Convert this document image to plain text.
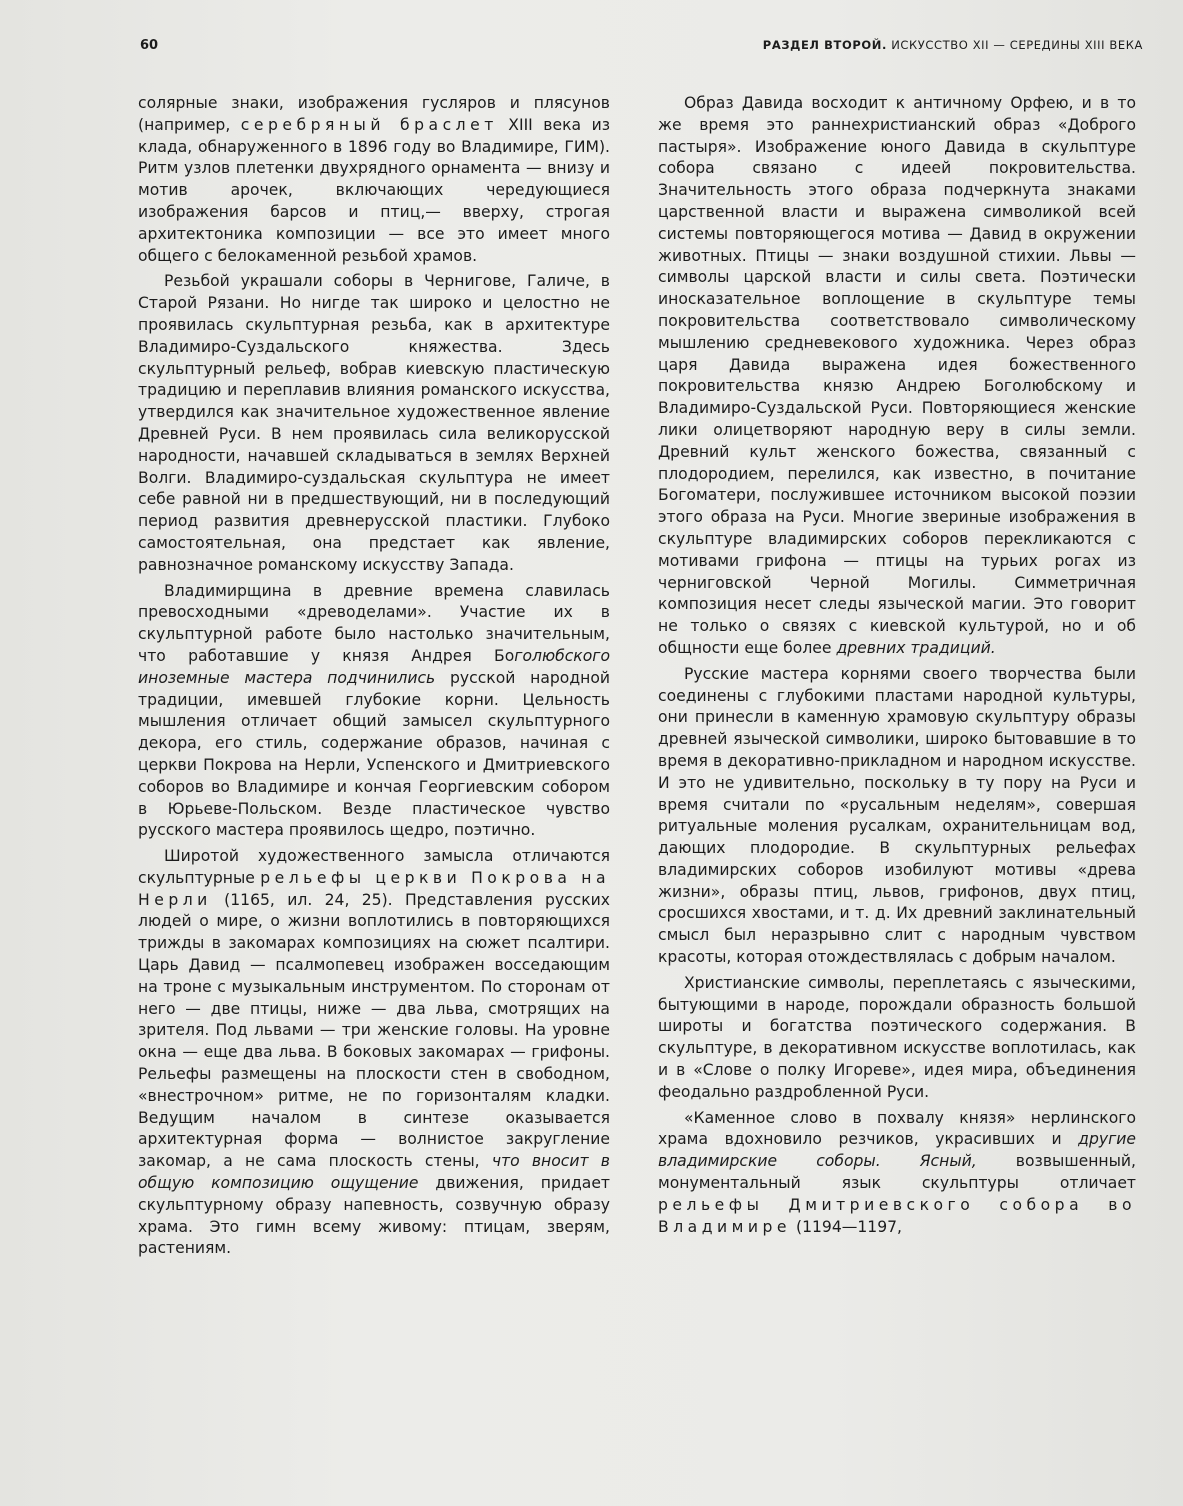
60	РАЗДЕЛ ВТОРОЙ. ИСКУССТВО XII — СЕРЕДИНЫ XIII ВЕКА

солярные знаки, изображения гусляров и плясунов (например, серебряный браслет XIII века из клада, обнаруженного в 1896 году во Владимире, ГИМ). Ритм узлов плетенки двухрядного орнамента — внизу и мотив арочек, включающих чередующиеся изображения барсов и птиц,— вверху, строгая архитектоника композиции — все это имеет много общего с белокаменной резьбой храмов.

Резьбой украшали соборы в Чернигове, Галиче, в Старой Рязани. Но нигде так широко и целостно не проявилась скульптурная резьба, как в архитектуре Владимиро-Суздальского княжества. Здесь скульптурный рельеф, вобрав киевскую пластическую традицию и переплавив влияния романского искусства, утвердился как значительное художественное явление Древней Руси. В нем проявилась сила великорусской народности, начавшей складываться в землях Верхней Волги. Владимиро-суздальская скульптура не имеет себе равной ни в предшествующий, ни в последующий период развития древнерусской пластики. Глубоко самостоятельная, она предстает как явление, равнозначное романскому искусству Запада.

Владимирщина в древние времена славилась превосходными «древоделами». Участие их в скульптурной работе было настолько значительным, что работавшие у князя Андрея Боголюбского иноземные мастера подчинились русской народной традиции, имевшей глубокие корни. Цельность мышления отличает общий замысел скульптурного декора, его стиль, содержание образов, начиная с церкви Покрова на Нерли, Успенского и Дмитриевского соборов во Владимире и кончая Георгиевским собором в Юрьеве-Польском. Везде пластическое чувство русского мастера проявилось щедро, поэтично.

Широтой художественного замысла отличаются скульптурные рельефы церкви Покрова на Нерли (1165, ил. 24, 25). Представления русских людей о мире, о жизни воплотились в повторяющихся трижды в закомарах композициях на сюжет псалтири. Царь Давид — псалмопевец изображен восседающим на троне с музыкальным инструментом. По сторонам от него — две птицы, ниже — два льва, смотрящих на зрителя. Под львами — три женские головы. На уровне окна — еще два льва. В боковых закомарах — грифоны. Рельефы размещены на плоскости стен в свободном, «внестрочном» ритме, не по горизонталям кладки. Ведущим началом в синтезе оказывается архитектурная форма — волнистое закругление закомар, а не сама плоскость стены, что вносит в общую композицию ощущение движения, придает скульптурному образу напевность, созвучную образу храма. Это гимн всему живому: птицам, зверям, растениям.

Образ Давида восходит к античному Орфею, и в то же время это раннехристианский образ «Доброго пастыря». Изображение юного Давида в скульптуре собора связано с идеей покровительства. Значительность этого образа подчеркнута знаками царственной власти и выражена символикой всей системы повторяющегося мотива — Давид в окружении животных. Птицы — знаки воздушной стихии. Львы — символы царской власти и силы света. Поэтически иносказательное воплощение в скульптуре темы покровительства соответствовало символическому мышлению средневекового художника. Через образ царя Давида выражена идея божественного покровительства князю Андрею Боголюбскому и Владимиро-Суздальской Руси. Повторяющиеся женские лики олицетворяют народную веру в силы земли. Древний культ женского божества, связанный с плодородием, перелился, как известно, в почитание Богоматери, послужившее источником высокой поэзии этого образа на Руси. Многие звериные изображения в скульптуре владимирских соборов перекликаются с мотивами грифона — птицы на турьих рогах из черниговской Черной Могилы. Симметричная композиция несет следы языческой магии. Это говорит не только о связях с киевской культурой, но и об общности еще более древних традиций.

Русские мастера корнями своего творчества были соединены с глубокими пластами народной культуры, они принесли в каменную храмовую скульптуру образы древней языческой символики, широко бытовавшие в то время в декоративно-прикладном и народном искусстве. И это не удивительно, поскольку в ту пору на Руси и время считали по «русальным неделям», совершая ритуальные моления русалкам, охранительницам вод, дающих плодородие. В скульптурных рельефах владимирских соборов изобилуют мотивы «древа жизни», образы птиц, львов, грифонов, двух птиц, сросшихся хвостами, и т. д. Их древний заклинательный смысл был неразрывно слит с народным чувством красоты, которая отождествлялась с добрым началом.

Христианские символы, переплетаясь с языческими, бытующими в народе, порождали образность большой широты и богатства поэтического содержания. В скульптуре, в декоративном искусстве воплотилась, как и в «Слове о полку Игореве», идея мира, объединения феодально раздробленной Руси.

«Каменное слово в похвалу князя» нерлинского храма вдохновило резчиков, украсивших и другие владимирские соборы. Ясный, возвышенный, монументальный язык скульптуры отличает рельефы Дмитриевского собора во Владимире (1194—1197,
